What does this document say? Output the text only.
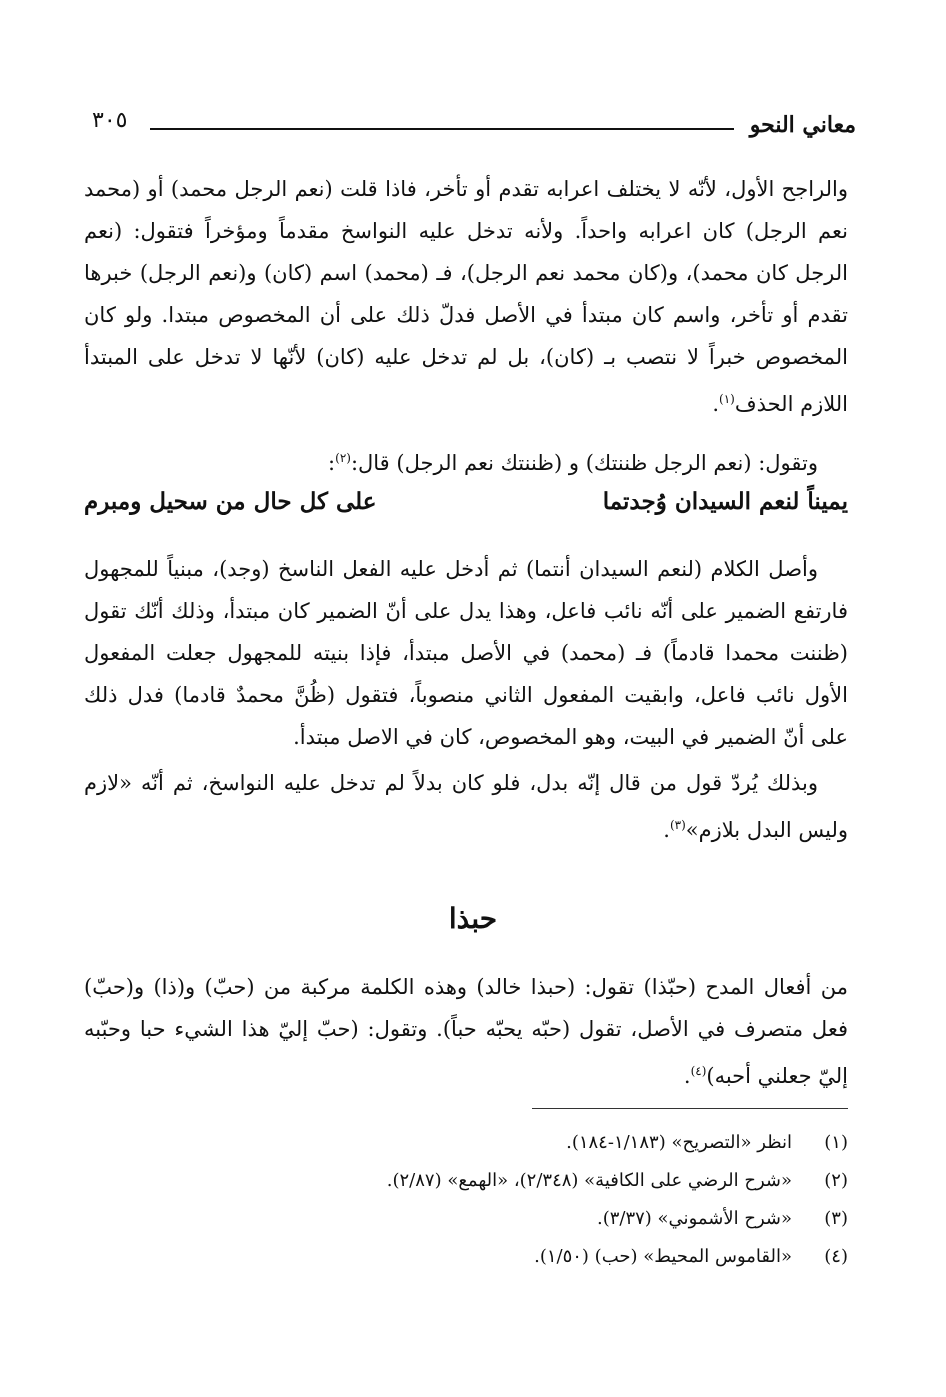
معاني النحو
٣٠٥
والراجح الأول، لأنّه لا يختلف اعرابه تقدم أو تأخر، فاذا قلت (نعم الرجل محمد) أو (محمد نعم الرجل) كان اعرابه واحداً. ولأنه تدخل عليه النواسخ مقدماً ومؤخراً فتقول: (نعم الرجل كان محمد)، و(كان محمد نعم الرجل)، فـ (محمد) اسم (كان) و(نعم الرجل) خبرها تقدم أو تأخر، واسم كان مبتدأ في الأصل فدلّ ذلك على أن المخصوص مبتدا. ولو كان المخصوص خبراً لا نتصب بـ (كان)، بل لم تدخل عليه (كان) لأنّها لا تدخل على المبتدأ اللازم الحذف$^{(١)}$.
وتقول: (نعم الرجل ظننتك) و (ظننتك نعم الرجل) قال:$^{(٢)}$:
يميناً لنعم السيدان وُجدتما
على كل حال من سحيل ومبرم
وأصل الكلام (لنعم السيدان أنتما) ثم أدخل عليه الفعل الناسخ (وجد)، مبنياً للمجهول فارتفع الضمير على أنّه نائب فاعل، وهذا يدل على أنّ الضمير كان مبتدأ، وذلك أنّك تقول (ظننت محمدا قادماً) فـ (محمد) في الأصل مبتدأ، فإذا بنيته للمجهول جعلت المفعول الأول نائب فاعل، وابقيت المفعول الثاني منصوباً، فتقول (ظُنَّ محمدٌ قادما) فدل ذلك على أنّ الضمير في البيت، وهو المخصوص، كان في الاصل مبتدأ.
وبذلك يُردّ قول من قال إنّه بدل، فلو كان بدلاً لم تدخل عليه النواسخ، ثم أنّه «لازم وليس البدل بلازم»$^{(٣)}$.
حبذا
من أفعال المدح (حبّذا) تقول: (حبذا خالد) وهذه الكلمة مركبة من (حبّ) و(ذا) و(حبّ) فعل متصرف في الأصل، تقول (حبّه يحبّه حباً). وتقول: (حبّ إليّ هذا الشيء حبا وحبّبه إليّ جعلني أحبه)$^{(٤)}$.
(١)
انظر «التصريح» (١/١٨٣-١٨٤).
(٢)
«شرح الرضي على الكافية» (٢/٣٤٨)، «الهمع» (٢/٨٧).
(٣)
«شرح الأشموني» (٣/٣٧).
(٤)
«القاموس المحيط» (حب) (١/٥٠).
